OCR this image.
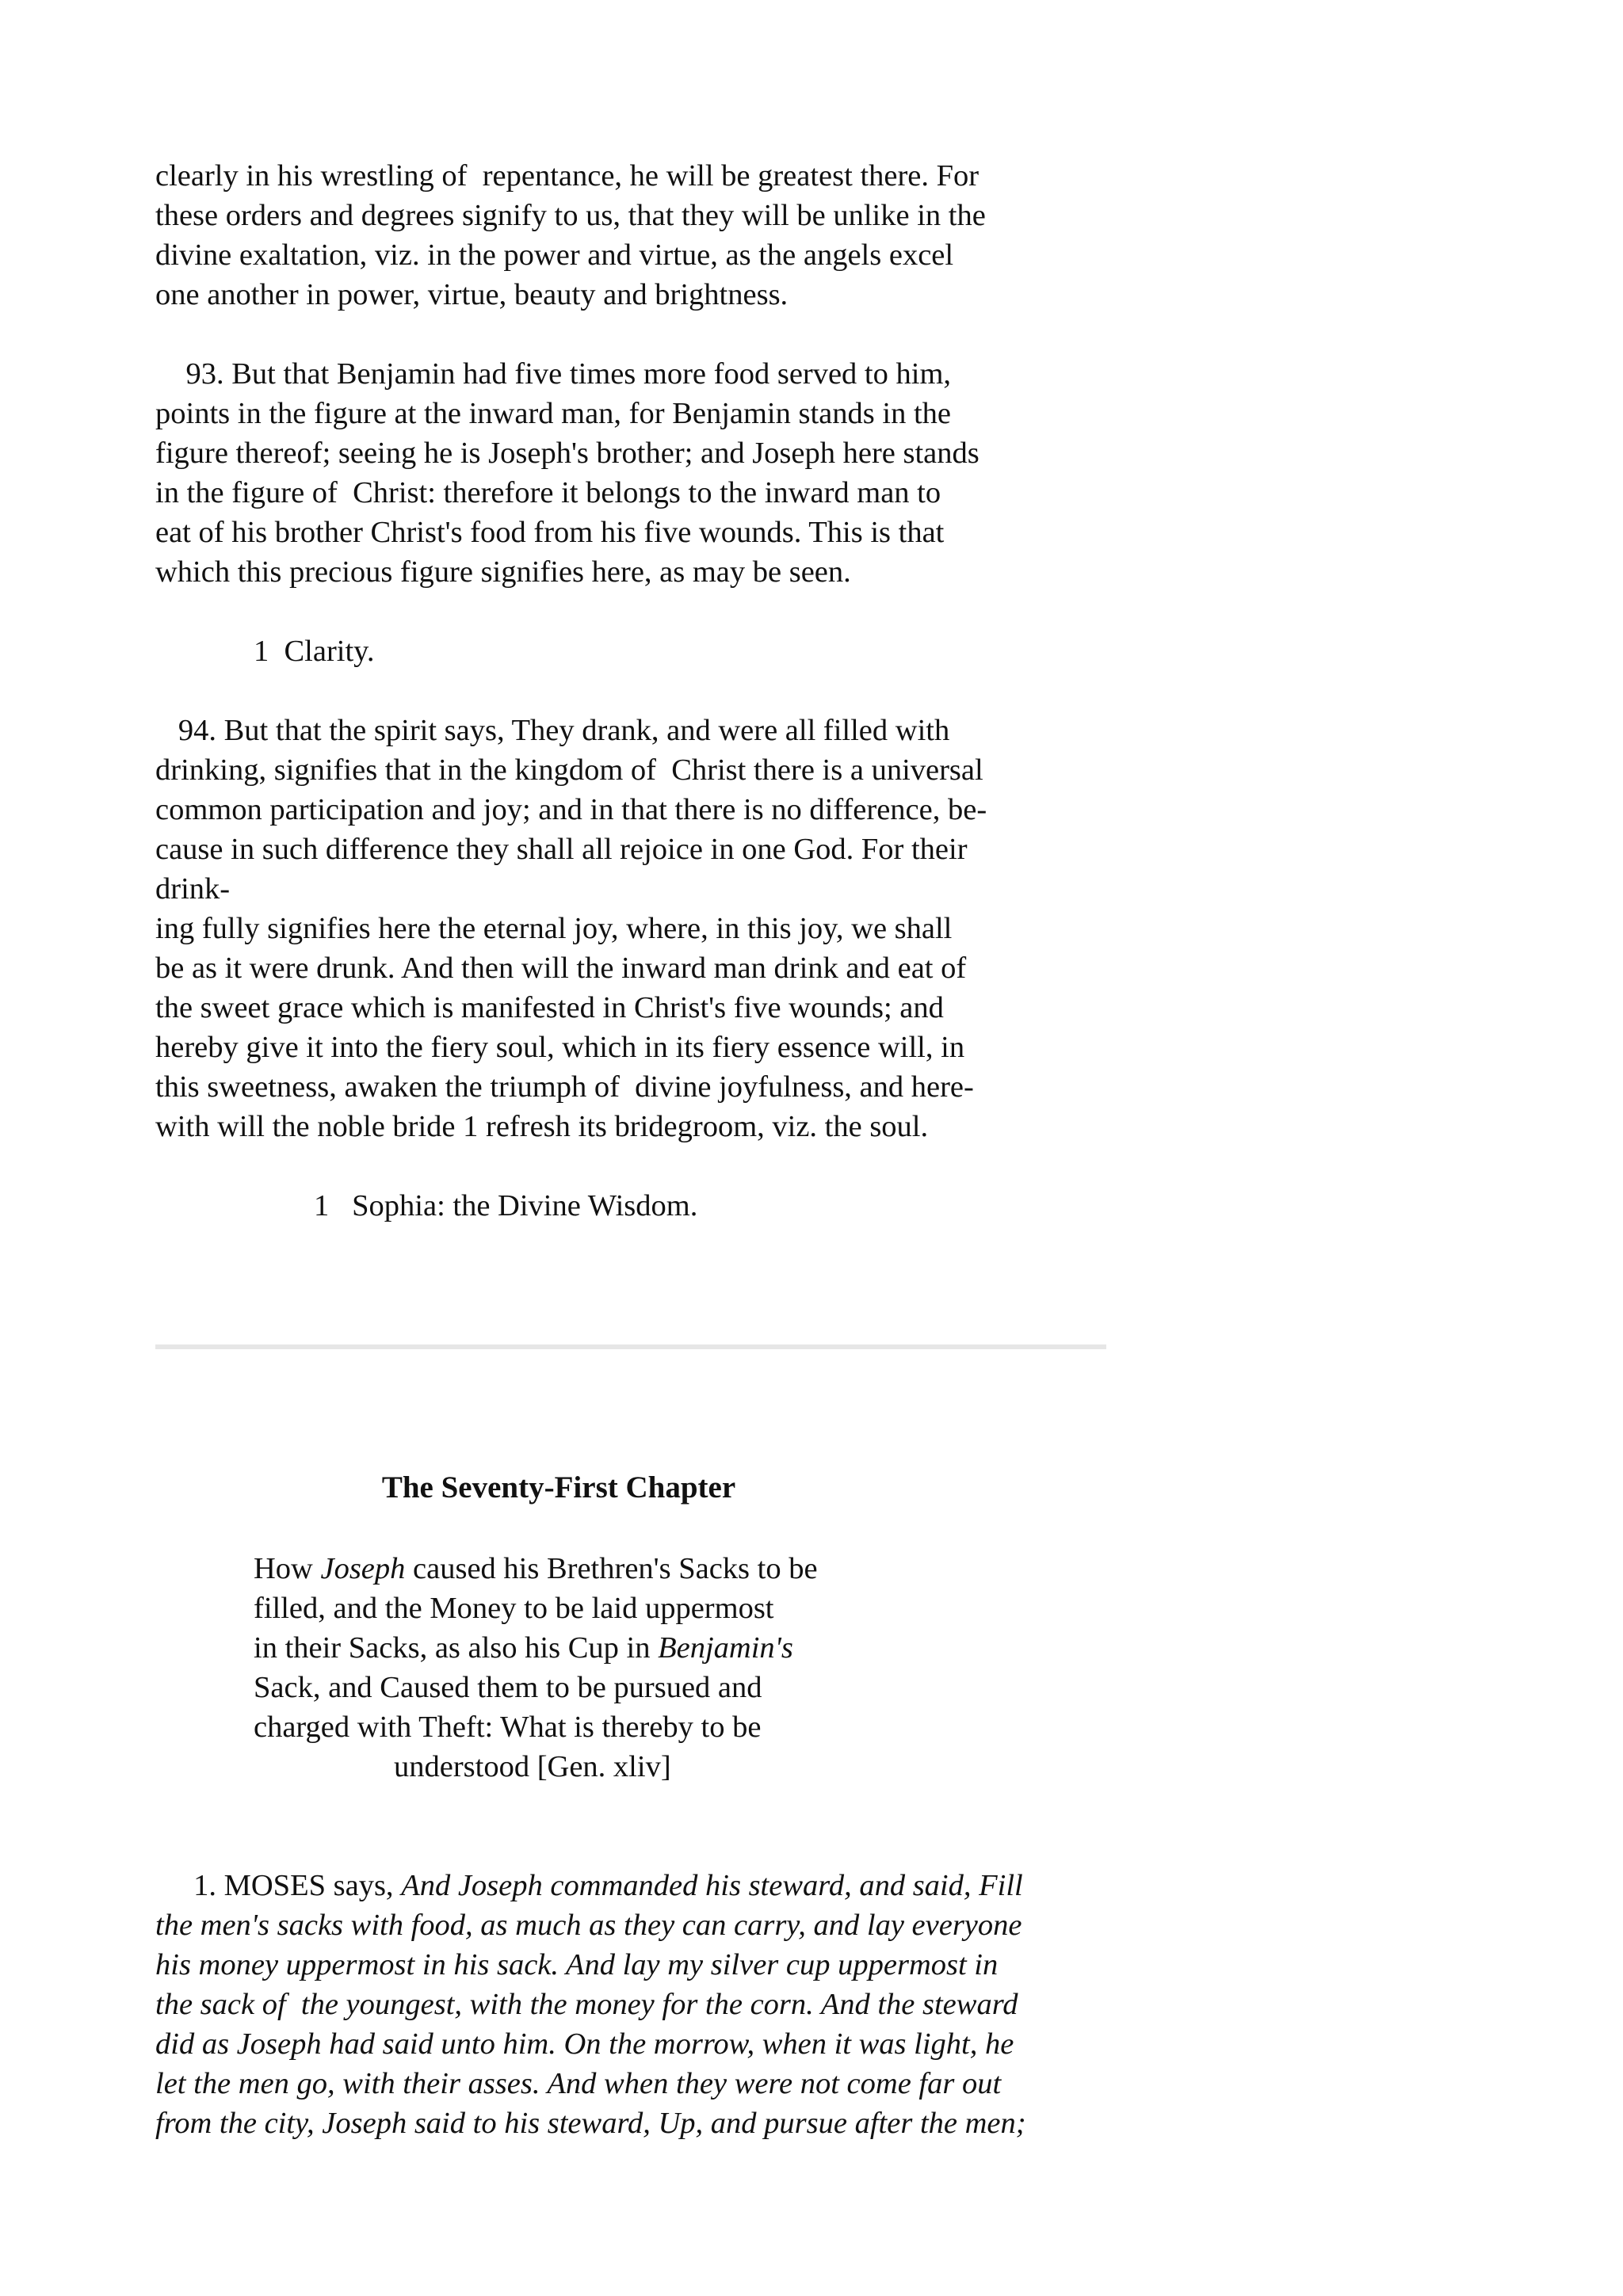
clearly in his wrestling of  repentance, he will be greatest there. For

these orders and degrees signify to us, that they will be unlike in the

divine exaltation, viz. in the power and virtue, as the angels excel

one another in power, virtue, beauty and brightness.

93. But that Benjamin had five times more food served to him,

points in the figure at the inward man, for Benjamin stands in the

figure thereof; seeing he is Joseph's brother; and Joseph here stands

in the figure of  Christ: therefore it belongs to the inward man to

eat of his brother Christ's food from his five wounds. This is that

which this precious figure signifies here, as may be seen.

1  Clarity.

94. But that the spirit says, They drank, and were all filled with

drinking, signifies that in the kingdom of  Christ there is a universal

common participation and joy; and in that there is no difference, be-

cause in such difference they shall all rejoice in one God. For their

drink-

ing fully signifies here the eternal joy, where, in this joy, we shall

be as it were drunk. And then will the inward man drink and eat of

the sweet grace which is manifested in Christ's five wounds; and

hereby give it into the fiery soul, which in its fiery essence will, in

this sweetness, awaken the triumph of  divine joyfulness, and here-

with will the noble bride 1 refresh its bridegroom, viz. the soul.

1   Sophia: the Divine Wisdom.
The Seventy-First Chapter
How Joseph caused his Brethren's Sacks to be
filled, and the Money to be laid uppermost
in their Sacks, as also his Cup in Benjamin's
Sack, and Caused them to be pursued and
charged with Theft: What is thereby to be
understood [Gen. xliv]

1. MOSES says, And Joseph commanded his steward, and said, Fill

the men's sacks with food, as much as they can carry, and lay everyone

his money uppermost in his sack. And lay my silver cup uppermost in

the sack of  the youngest, with the money for the corn. And the steward

did as Joseph had said unto him. On the morrow, when it was light, he

let the men go, with their asses. And when they were not come far out

from the city, Joseph said to his steward, Up, and pursue after the men;
